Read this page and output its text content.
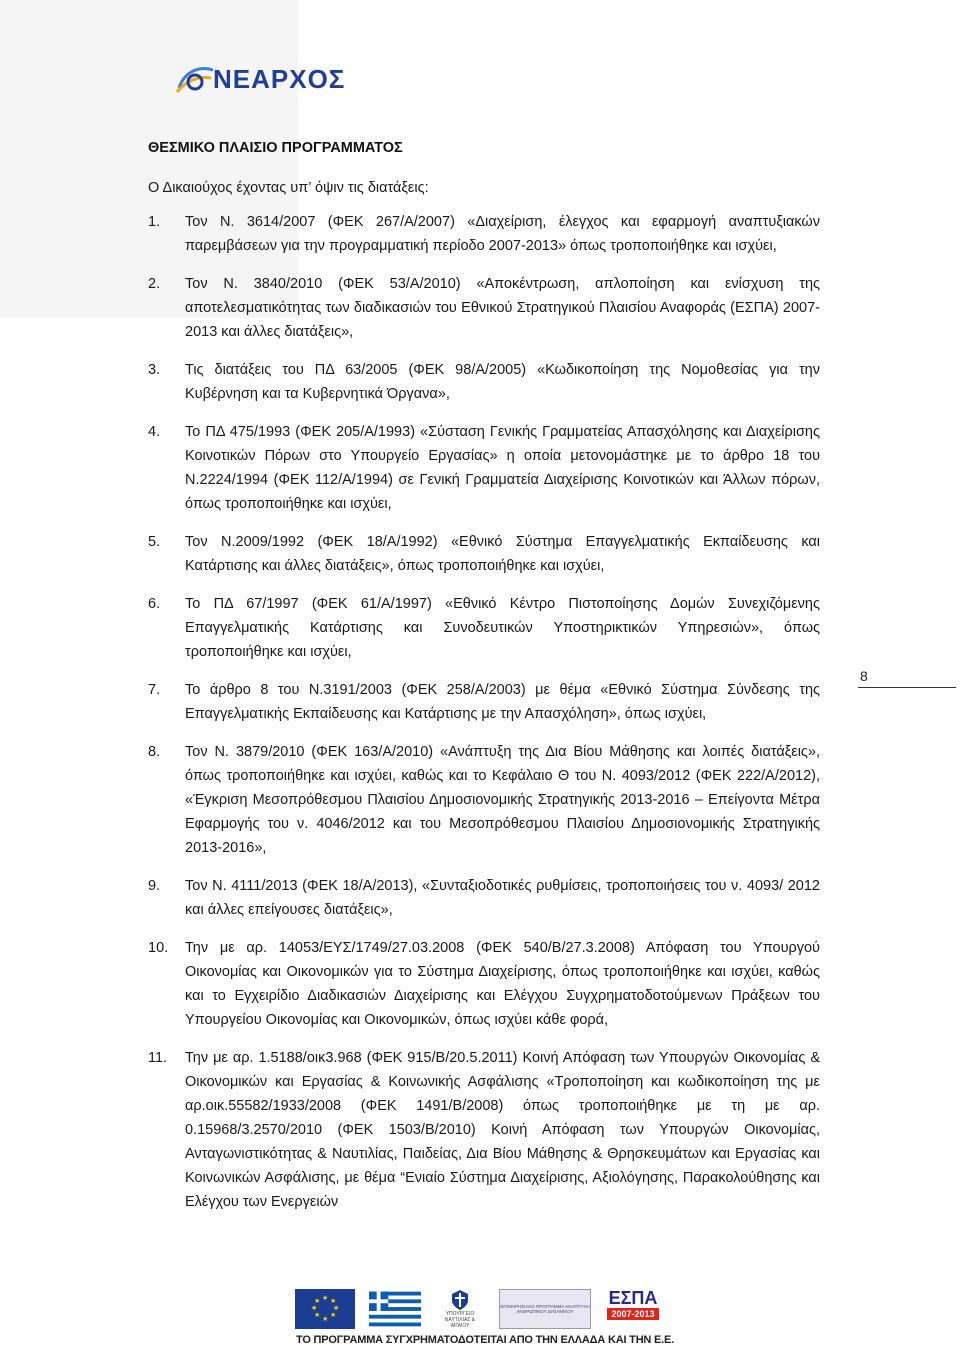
ΝΕΑΡΧΟΣ
ΘΕΣΜΙΚΟ ΠΛΑΙΣΙΟ ΠΡΟΓΡΑΜΜΑΤΟΣ

Ο Δικαιούχος έχοντας υπ’ όψιν τις διατάξεις:

1. Τον Ν. 3614/2007 (ΦΕΚ 267/Α/2007) «Διαχείριση, έλεγχος και εφαρμογή αναπτυξιακών παρεμβάσεων για την προγραμματική περίοδο 2007-2013» όπως τροποποιήθηκε και ισχύει,
2. Τον Ν. 3840/2010 (ΦΕΚ 53/Α/2010) «Αποκέντρωση, απλοποίηση και ενίσχυση της αποτελεσματικότητας των διαδικασιών του Εθνικού Στρατηγικού Πλαισίου Αναφοράς (ΕΣΠΑ) 2007-2013 και άλλες διατάξεις»,
3. Τις διατάξεις του ΠΔ 63/2005 (ΦΕΚ 98/Α/2005) «Κωδικοποίηση της Νομοθεσίας για την Κυβέρνηση και τα Κυβερνητικά Όργανα»,
4. Το ΠΔ 475/1993 (ΦΕΚ 205/Α/1993) «Σύσταση Γενικής Γραμματείας Απασχόλησης και Διαχείρισης Κοινοτικών Πόρων στο Υπουργείο Εργασίας» η οποία μετονομάστηκε με το άρθρο 18 του Ν.2224/1994 (ΦΕΚ 112/Α/1994) σε Γενική Γραμματεία Διαχείρισης Κοινοτικών και Άλλων πόρων, όπως τροποποιήθηκε και ισχύει,
5. Τον Ν.2009/1992 (ΦΕΚ 18/Α/1992) «Εθνικό Σύστημα Επαγγελματικής Εκπαίδευσης και Κατάρτισης και άλλες διατάξεις», όπως τροποποιήθηκε και ισχύει,
6. Το ΠΔ 67/1997 (ΦΕΚ 61/Α/1997) «Εθνικό Κέντρο Πιστοποίησης Δομών Συνεχιζόμενης Επαγγελματικής Κατάρτισης και Συνοδευτικών Υποστηρικτικών Υπηρεσιών», όπως τροποποιήθηκε και ισχύει,
7. Το άρθρο 8 του Ν.3191/2003 (ΦΕΚ 258/Α/2003) με θέμα «Εθνικό Σύστημα Σύνδεσης της Επαγγελματικής Εκπαίδευσης και Κατάρτισης με την Απασχόληση», όπως ισχύει,
8. Τον Ν. 3879/2010 (ΦΕΚ 163/Α/2010) «Ανάπτυξη της Δια Βίου Μάθησης και λοιπές διατάξεις», όπως τροποποιήθηκε και ισχύει, καθώς και το Κεφάλαιο Θ του Ν. 4093/2012 (ΦΕΚ 222/Α/2012), «Έγκριση Μεσοπρόθεσμου Πλαισίου Δημοσιονομικής Στρατηγικής 2013-2016 – Επείγοντα Μέτρα Εφαρμογής του ν. 4046/2012 και του Μεσοπρόθεσμου Πλαισίου Δημοσιονομικής Στρατηγικής 2013-2016»,
9. Τον Ν. 4111/2013 (ΦΕΚ 18/Α/2013), «Συνταξιοδοτικές ρυθμίσεις, τροποποιήσεις του ν. 4093/ 2012 και άλλες επείγουσες διατάξεις»,
10. Την με αρ. 14053/ΕΥΣ/1749/27.03.2008 (ΦΕΚ 540/Β/27.3.2008) Απόφαση του Υπουργού Οικονομίας και Οικονομικών για το Σύστημα Διαχείρισης, όπως τροποποιήθηκε και ισχύει, καθώς και το Εγχειρίδιο Διαδικασιών Διαχείρισης και Ελέγχου Συγχρηματοδοτούμενων Πράξεων του Υπουργείου Οικονομίας και Οικονομικών, όπως ισχύει κάθε φορά,
11. Την με αρ. 1.5188/οικ3.968 (ΦΕΚ 915/Β/20.5.2011) Κοινή Απόφαση των Υπουργών Οικονομίας & Οικονομικών και Εργασίας & Κοινωνικής Ασφάλισης «Τροποποίηση και κωδικοποίηση της με αρ.οικ.55582/1933/2008 (ΦΕΚ 1491/Β/2008) όπως τροποποιήθηκε με τη με αρ. 0.15968/3.2570/2010 (ΦΕΚ 1503/Β/2010) Κοινή Απόφαση των Υπουργών Οικονομίας, Ανταγωνιστικότητας & Ναυτιλίας, Παιδείας, Δια Βίου Μάθησης & Θρησκευμάτων και Εργασίας και Κοινωνικών Ασφάλισης, με θέμα “Ενιαίο Σύστημα Διαχείρισης, Αξιολόγησης, Παρακολούθησης και Ελέγχου των Ενεργειών
8
★ ★
★
★
★
★
★
★
ΥΠΟΥΡΓΕΙΟ ΝΑΥΤΙΛΙΑΣ & ΑΙΓΑΙΟΥ
ΕΠΙΧΕΙΡΗΣΙΑΚΟ ΠΡΟΓΡΑΜΜΑ ΑΝΑΠΤΥΞΗ ΑΝΘΡΩΠΙΝΟΥ ΔΥΝΑΜΙΚΟΥ
ΕΣΠΑ
2007-2013

ΤΟ ΠΡΟΓΡΑΜΜΑ ΣΥΓΧΡΗΜΑΤΟΔΟΤΕΙΤΑΙ ΑΠΟ ΤΗΝ ΕΛΛΑΔΑ ΚΑΙ ΤΗΝ Ε.Ε.
